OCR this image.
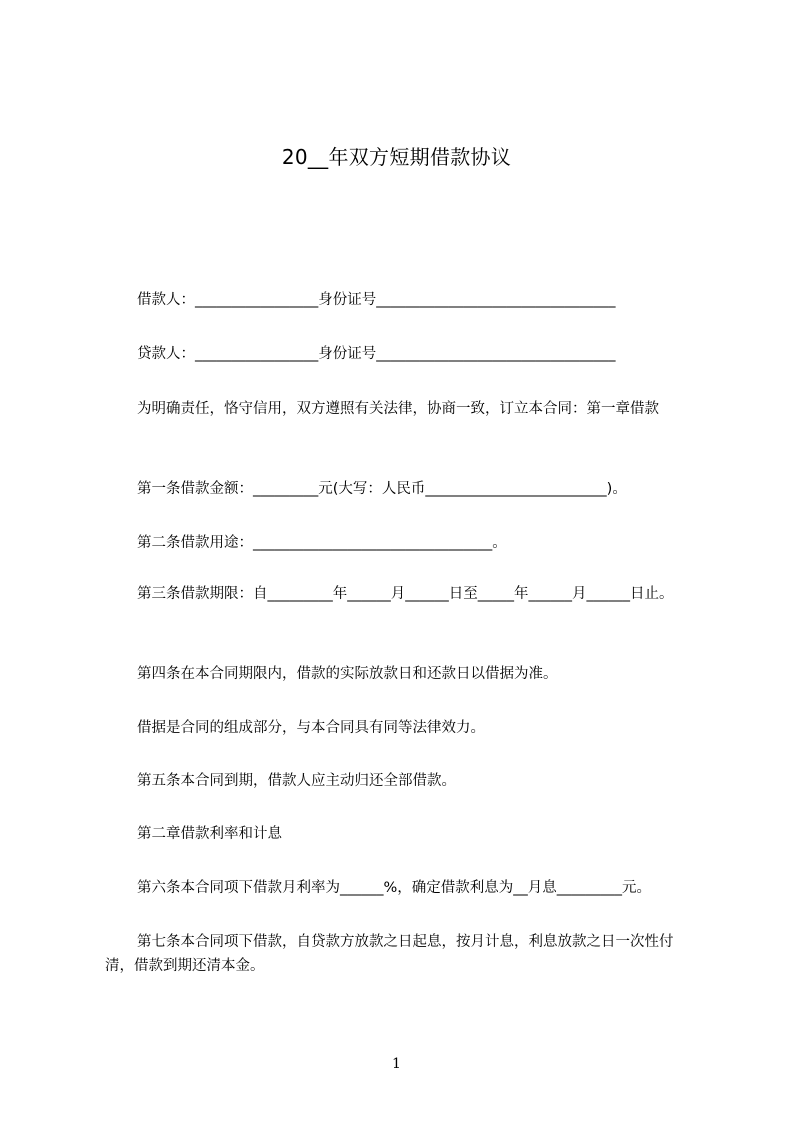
20__年双方短期借款协议
借款人：_________________身份证号_________________________________
贷款人：_________________身份证号_________________________________
为明确责任，恪守信用，双方遵照有关法律，协商一致，订立本合同：第一章借款
第一条借款金额：_________元(大写：人民币_________________________)。
第二条借款用途：_________________________________。
第三条借款期限：自_________年______月______日至_____年______月______日止。
第四条在本合同期限内，借款的实际放款日和还款日以借据为准。
借据是合同的组成部分，与本合同具有同等法律效力。
第五条本合同到期，借款人应主动归还全部借款。
第二章借款利率和计息
第六条本合同项下借款月利率为______%，确定借款利息为__月息_________元。
第七条本合同项下借款，自贷款方放款之日起息，按月计息，利息放款之日一次性付清，借款到期还清本金。
1
